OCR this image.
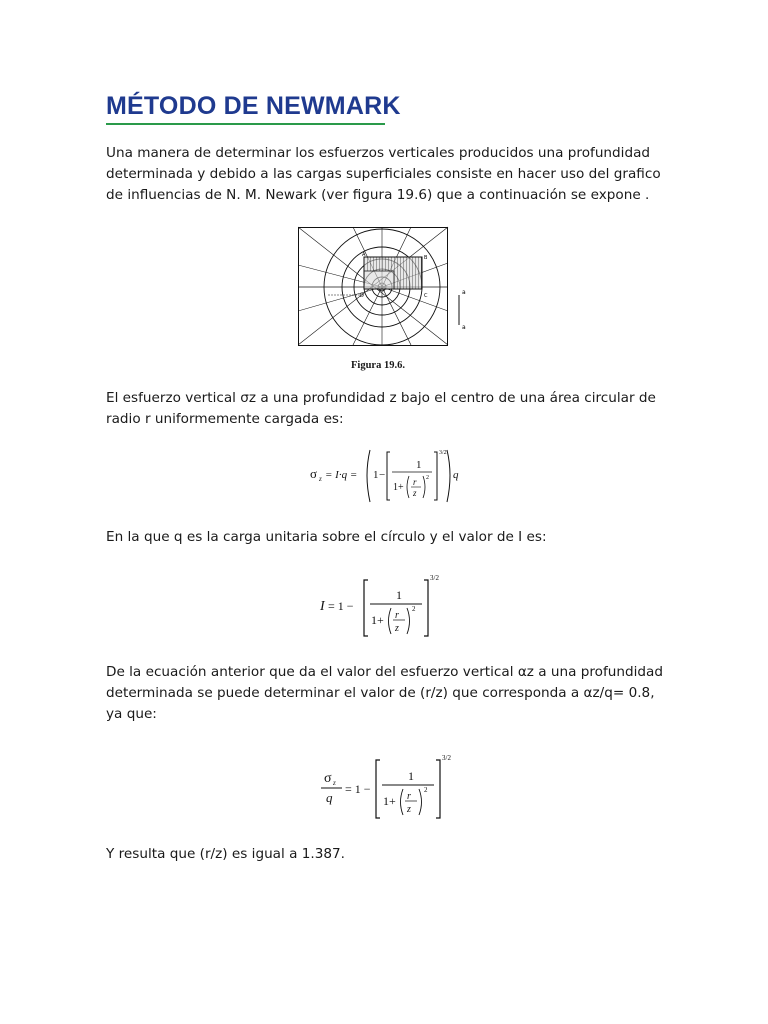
MÉTODO DE NEWMARK
Una manera de determinar los esfuerzos verticales producidos una profundidad
determinada y debido a las cargas superficiales consiste en hacer uso del grafico
de influencias de N. M. Newark (ver figura 19.6) que a continuación se expone .
A	B
C
D	a
a
Figura 19.6.
El esfuerzo vertical σz a una profundidad z bajo el centro de una área circular de
radio r uniformemente cargada es:
σ z = I·q = 1 −
1
1+ r
z
2
3/2
q
En la que q es la carga unitaria sobre el círculo y el valor de I es:
I = 1 −
1
1+ r
z
2
3/2
De la ecuación anterior que da el valor del esfuerzo vertical αz a una profundidad
determinada se puede determinar el valor de (r/z) que corresponda a αz/q= 0.8,
ya que:
σ z
q
= 1 −
1
1+ r
z
2
3/2
Y resulta que (r/z) es igual a 1.387.
